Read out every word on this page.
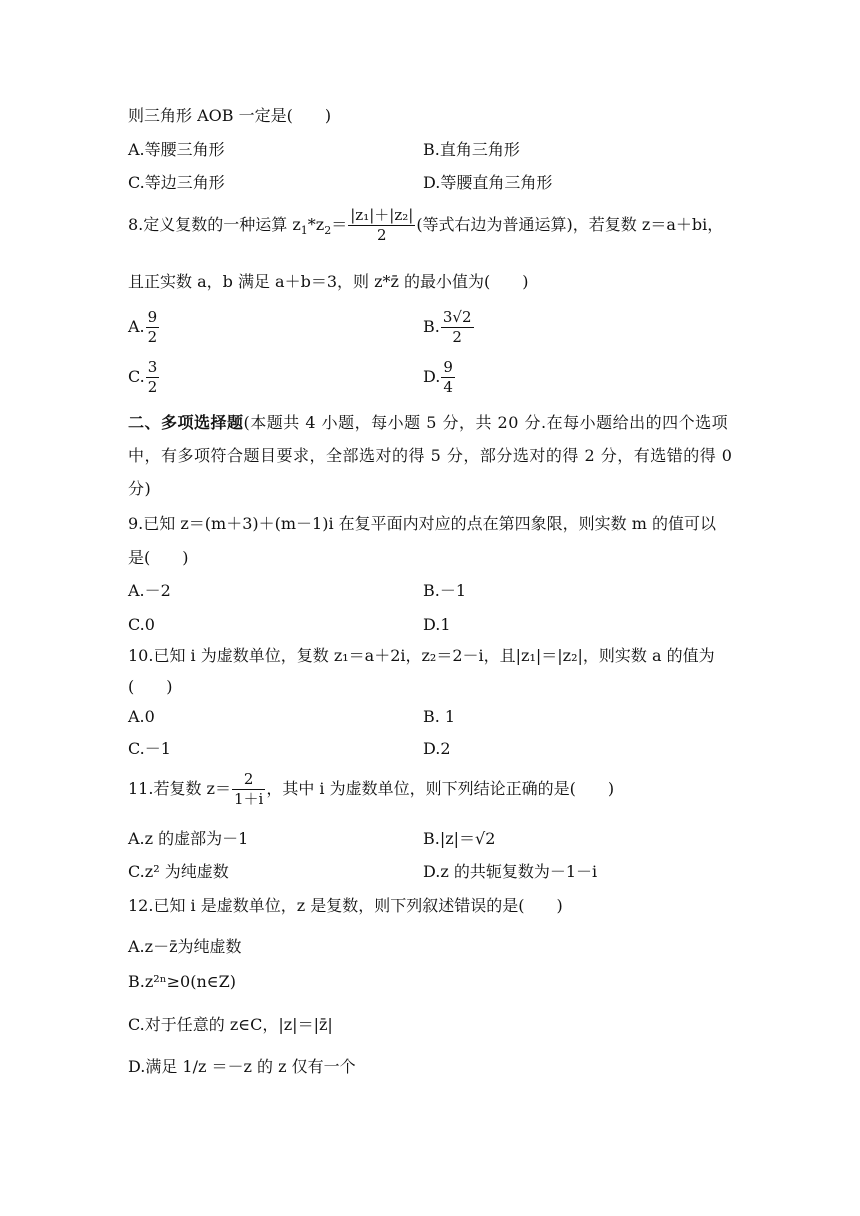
则三角形 AOB 一定是(　　)
A.等腰三角形	B.直角三角形
C.等边三角形	D.等腰直角三角形
8.定义复数的一种运算 $z_1*z_2= \frac{\text{|z₁|＋|z₂|}}{2}$ (等式右边为普通运算)，若复数 z＝a＋bi，
且正实数 a，b 满足 a＋b＝3，则 z*z̄ 的最小值为(　　)
A. $\frac{9}{2}$	B. $\frac{3√2}{2}$
C. $\frac{3}{2}$	D. $\frac{9}{4}$
二、多项选择题(本题共 4 小题，每小题 5 分，共 20 分.在每小题给出的四个选项中，有多项符合题目要求，全部选对的得 5 分，部分选对的得 2 分，有选错的得 0 分)
9.已知 z＝(m＋3)＋(m－1)i 在复平面内对应的点在第四象限，则实数 m 的值可以
是(　　)
A.－2	B.－1
C.0	D.1
10.已知 i 为虚数单位，复数 z₁＝a＋2i，z₂＝2－i，且|z₁|＝|z₂|，则实数 a 的值为
(　　)
A.0	B. 1
C.－1	D.2
11.若复数 $z= \frac{2}{1+i}$ ，其中 i 为虚数单位，则下列结论正确的是(　　)
A.z 的虚部为－1	B.|z|＝√2
C.z² 为纯虚数	D.z 的共轭复数为－1－i
12.已知 i 是虚数单位，z 是复数，则下列叙述错误的是(　　)
A.z－z̄为纯虚数
B.z²ⁿ≥0(n∈Z)
C.对于任意的 z∈C，|z|＝|z̄|
D.满足 1/z ＝－z 的 z 仅有一个
